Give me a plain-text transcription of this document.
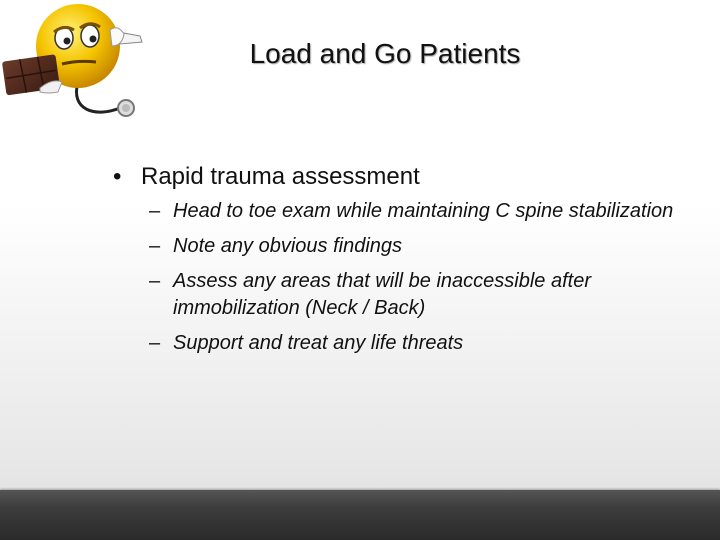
Load and Go Patients

• Rapid trauma assessment

– Head to toe exam while maintaining C spine stabilization
– Note any obvious findings
– Assess any areas that will be inaccessible after immobilization (Neck / Back)
– Support and treat any life threats
